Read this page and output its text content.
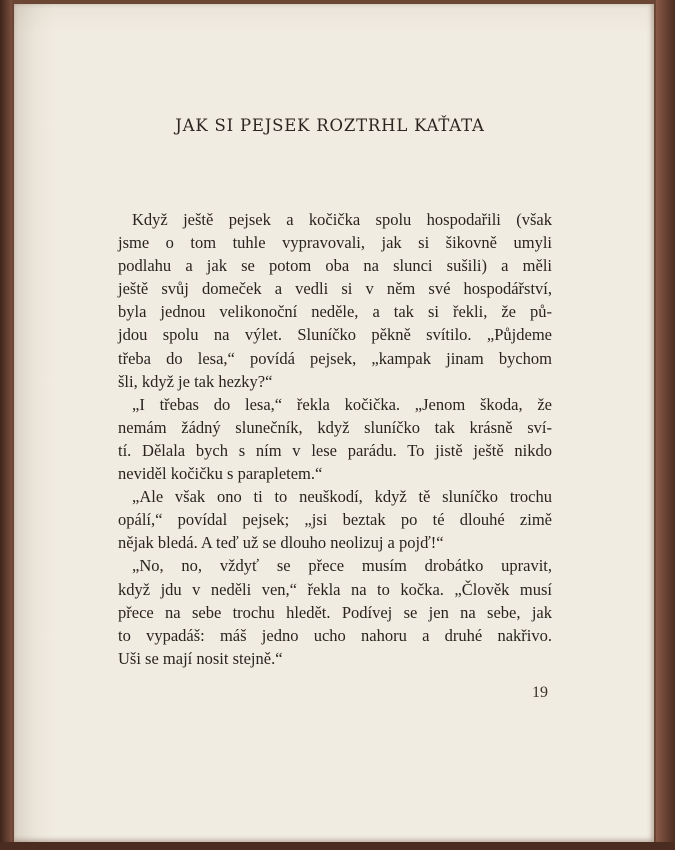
JAK SI PEJSEK ROZTRHL KAŤATA
Když ještě pejsek a kočička spolu hospodařili (však
jsme o tom tuhle vypravovali, jak si šikovně umyli
podlahu a jak se potom oba na slunci sušili) a měli
ještě svůj domeček a vedli si v něm své hospodářství,
byla jednou velikonoční neděle, a tak si řekli, že pů-
jdou spolu na výlet. Sluníčko pěkně svítilo. „Půjdeme
třeba do lesa,“ povídá pejsek, „kampak jinam bychom
šli, když je tak hezky?“
„I třebas do lesa,“ řekla kočička. „Jenom škoda, že
nemám žádný slunečník, když sluníčko tak krásně sví-
tí. Dělala bych s ním v lese parádu. To jistě ještě nikdo
neviděl kočičku s parapletem.“
„Ale však ono ti to neuškodí, když tě sluníčko trochu
opálí,“ povídal pejsek; „jsi beztak po té dlouhé zimě
nějak bledá. A teď už se dlouho neolizuj a pojď!“
„No, no, vždyť se přece musím drobátko upravit,
když jdu v neděli ven,“ řekla na to kočka. „Člověk musí
přece na sebe trochu hledět. Podívej se jen na sebe, jak
to vypadáš: máš jedno ucho nahoru a druhé nakřivo.
Uši se mají nosit stejně.“
19
